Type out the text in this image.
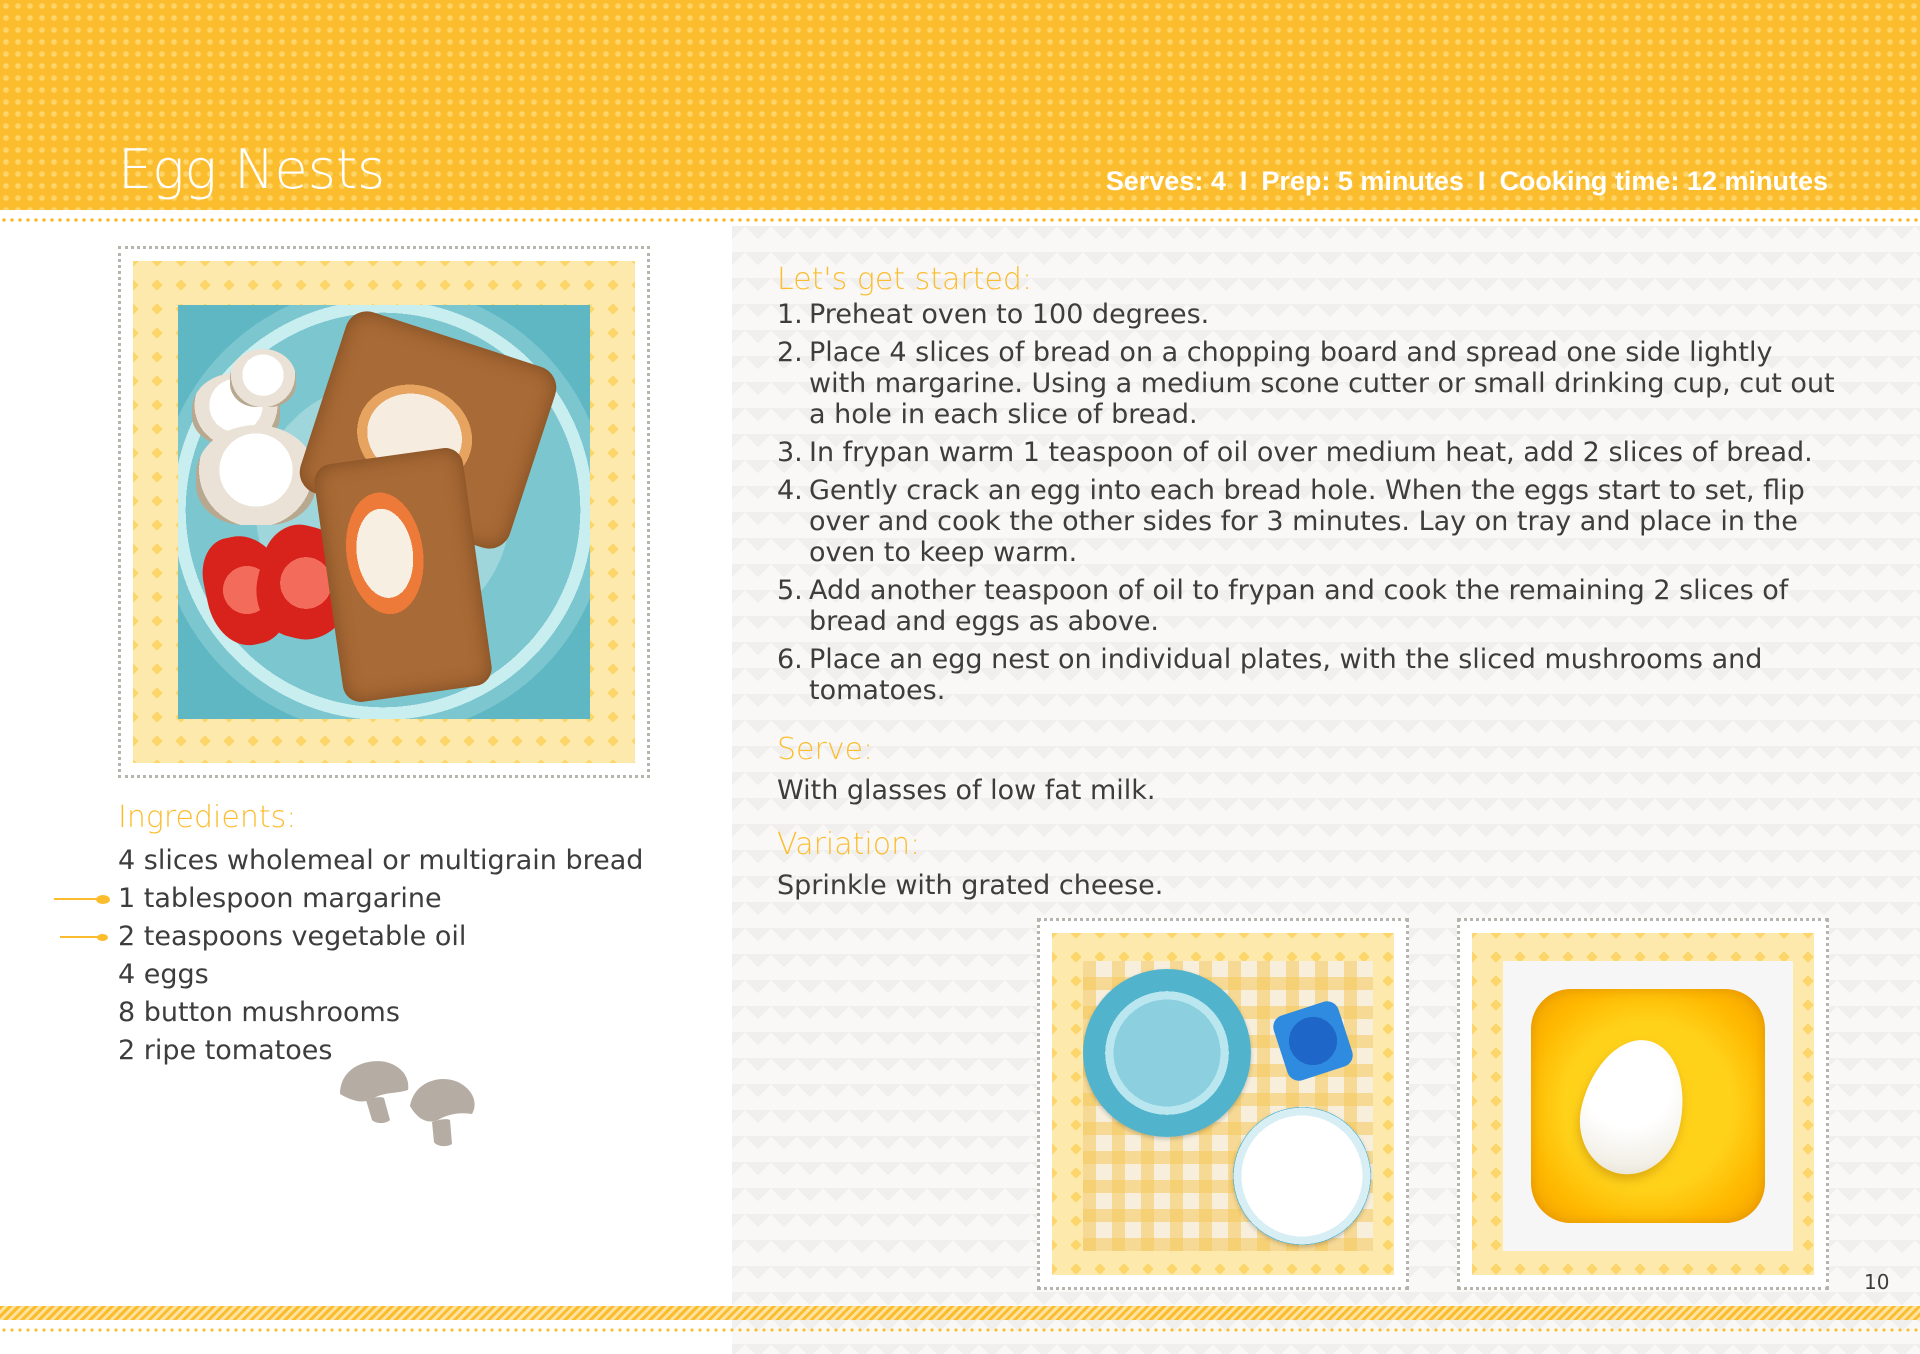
Egg Nests	Serves: 4 I Prep: 5 minutes I Cooking time: 12 minutes
Ingredients:
4 slices wholemeal or multigrain bread
1 tablespoon margarine
2 teaspoons vegetable oil
4 eggs
8 button mushrooms
2 ripe tomatoes
Let's get started:
1. Preheat oven to 100 degrees.
2. Place 4 slices of bread on a chopping board and spread one side lightly with margarine. Using a medium scone cutter or small drinking cup, cut out a hole in each slice of bread.
3. In frypan warm 1 teaspoon of oil over medium heat, add 2 slices of bread.
4. Gently crack an egg into each bread hole. When the eggs start to set, flip over and cook the other sides for 3 minutes. Lay on tray and place in the oven to keep warm.
5. Add another teaspoon of oil to frypan and cook the remaining 2 slices of bread and eggs as above.
6. Place an egg nest on individual plates, with the sliced mushrooms and tomatoes.
Serve:

With glasses of low fat milk.

Variation:

Sprinkle with grated cheese.

10
